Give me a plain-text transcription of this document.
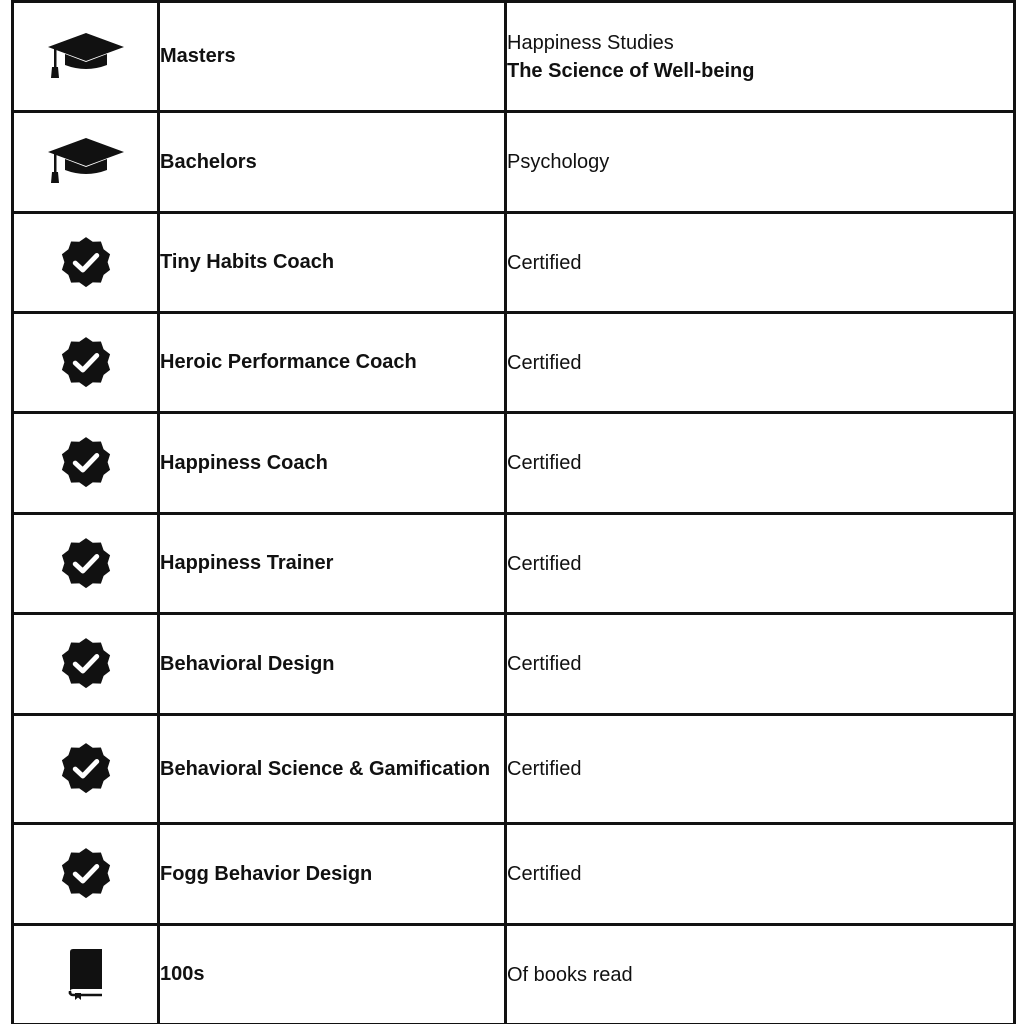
	Masters	Happiness Studies
The Science of Well-being

	Bachelors	Psychology

	Tiny Habits Coach	Certified

	Heroic Performance Coach	Certified

	Happiness Coach	Certified

	Happiness Trainer	Certified

	Behavioral Design	Certified

	Behavioral Science & Gamification	Certified

	Fogg Behavior Design	Certified

	100s	Of books read
